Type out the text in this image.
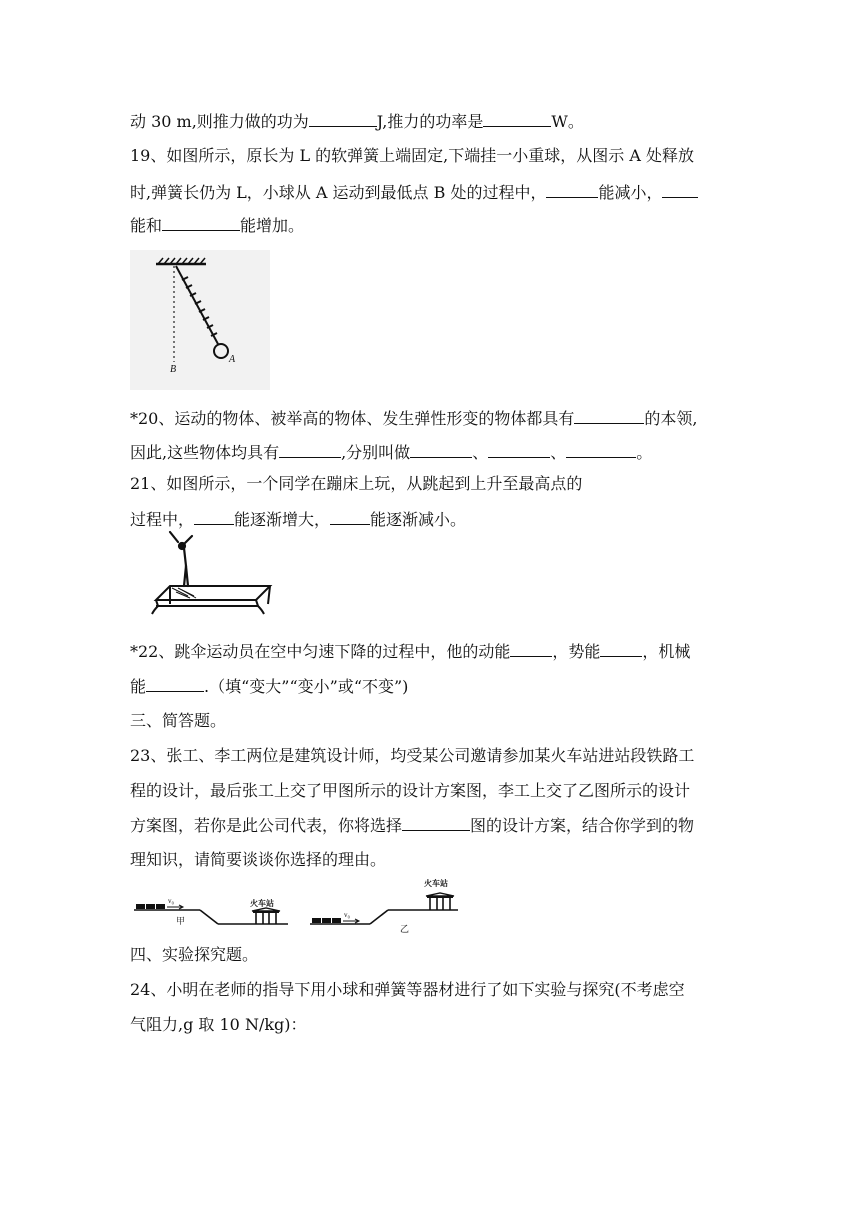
动 30 m,则推力做的功为	J,推力的功率是	W。
19、如图所示，原长为 L 的软弹簧上端固定,下端挂一小重球，从图示 A 处释放
时,弹簧长仍为 L，小球从 A 运动到最低点 B 处的过程中，	能减小，
能和	能增加。
A
B
*20、运动的物体、被举高的物体、发生弹性形变的物体都具有	的本领,
因此,这些物体均具有	,分别叫做	、	、	。
21、如图所示，一个同学在蹦床上玩，从跳起到上升至最高点的
过程中，	能逐渐增大，	能逐渐减小。
*22、跳伞运动员在空中匀速下降的过程中，他的动能	，势能	，机械
能	.（填“变大”“变小”或“不变”)
三、简答题。
23、张工、李工两位是建筑设计师，均受某公司邀请参加某火车站进站段铁路工
程的设计，最后张工上交了甲图所示的设计方案图，李工上交了乙图所示的设计
方案图，若你是此公司代表，你将选择	图的设计方案，结合你学到的物
理知识，请简要谈谈你选择的理由。
v₀
甲
火车站
v₀
乙
火车站
四、实验探究题。
24、小明在老师的指导下用小球和弹簧等器材进行了如下实验与探究(不考虑空
气阻力,g 取 10 N/kg)：
